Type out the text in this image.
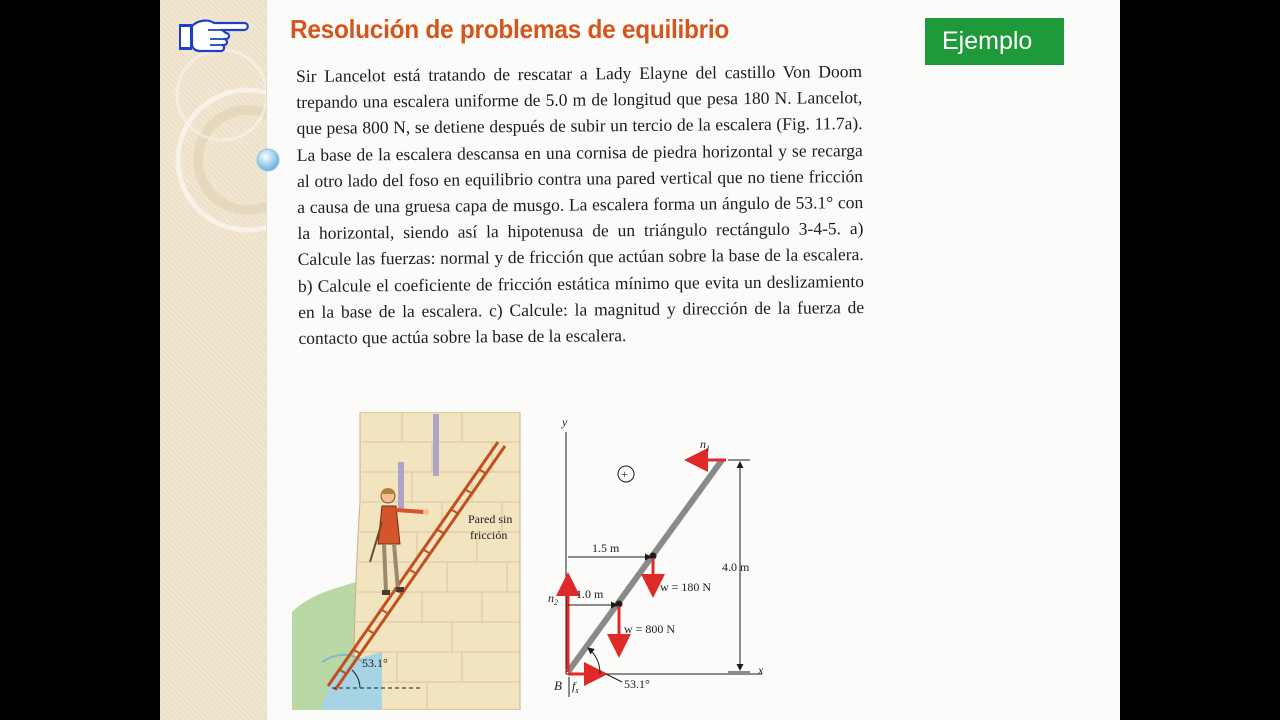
Resolución de problemas de equilibrio	Ejemplo
Sir Lancelot está tratando de rescatar a Lady Elayne del castillo Von Doom trepando una escalera uniforme de 5.0 m de longitud que pesa 180 N. Lancelot, que pesa 800 N, se detiene después de subir un tercio de la escalera (Fig. 11.7a). La base de la escalera descansa en una cornisa de piedra horizontal y se recarga al otro lado del foso en equilibrio contra una pared vertical que no tiene fricción a causa de una gruesa capa de musgo. La escalera forma un ángulo de 53.1° con la horizontal, siendo así la hipotenusa de un triángulo rectángulo 3-4-5. a) Calcule las fuerzas: normal y de fricción que actúan sobre la base de la escalera. b) Calcule el coeficiente de fricción estática mínimo que evita un deslizamiento en la base de la escalera. c) Calcule: la magnitud y dirección de la fuerza de contacto que actúa sobre la base de la escalera.
53.1°
Pared sin
fricción
y
x
$n_1$
$n_2$
$f_s$
B
w = 180 N
w = 800 N
1.5 m
1.0 m
4.0 m
53.1°
+
